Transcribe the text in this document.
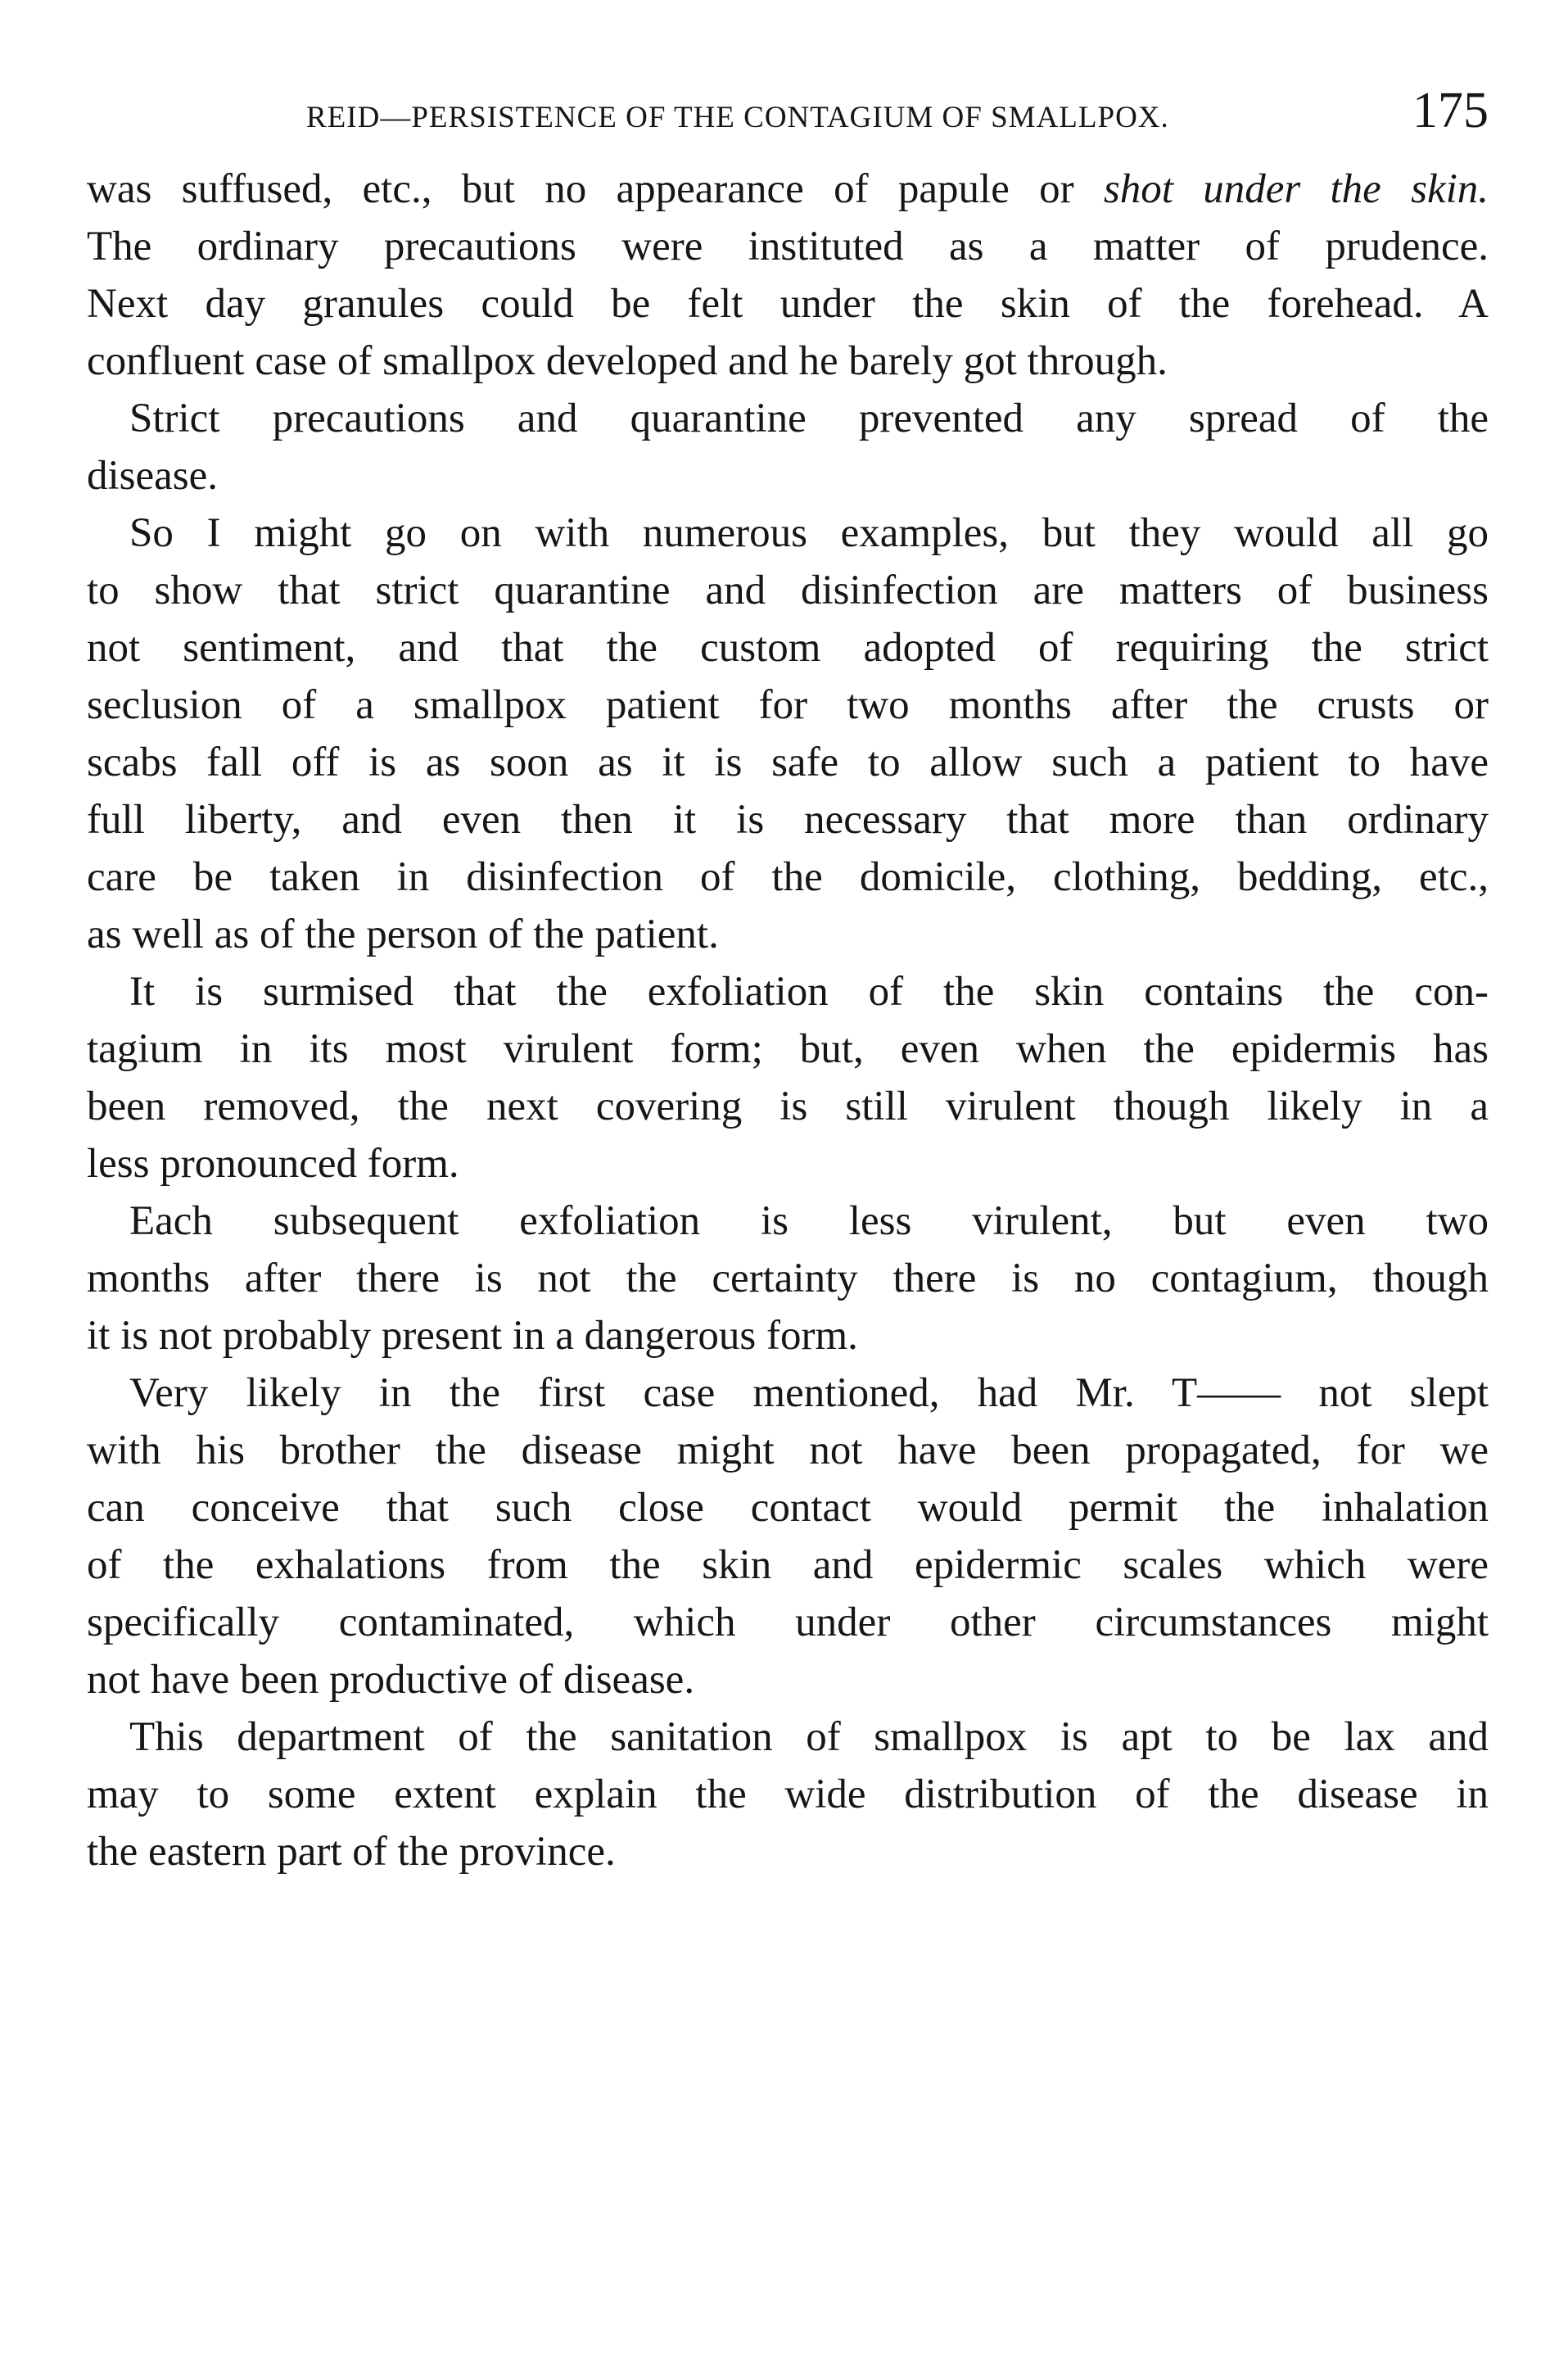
REID—PERSISTENCE OF THE CONTAGIUM OF SMALLPOX.	175
was suffused, etc., but no appearance of papule or shot under the skin.
The ordinary precautions were instituted as a matter of prudence.
Next day granules could be felt under the skin of the forehead. A
confluent case of smallpox developed and he barely got through.
Strict precautions and quarantine prevented any spread of the
disease.
So I might go on with numerous examples, but they would all go
to show that strict quarantine and disinfection are matters of business
not sentiment, and that the custom adopted of requiring the strict
seclusion of a smallpox patient for two months after the crusts or
scabs fall off is as soon as it is safe to allow such a patient to have
full liberty, and even then it is necessary that more than ordinary
care be taken in disinfection of the domicile, clothing, bedding, etc.,
as well as of the person of the patient.
It is surmised that the exfoliation of the skin contains the con-
tagium in its most virulent form; but, even when the epidermis has
been removed, the next covering is still virulent though likely in a
less pronounced form.
Each subsequent exfoliation is less virulent, but even two
months after there is not the certainty there is no contagium, though
it is not probably present in a dangerous form.
Very likely in the first case mentioned, had Mr. T—— not slept
with his brother the disease might not have been propagated, for we
can conceive that such close contact would permit the inhalation
of the exhalations from the skin and epidermic scales which were
specifically contaminated, which under other circumstances might
not have been productive of disease.
This department of the sanitation of smallpox is apt to be lax and
may to some extent explain the wide distribution of the disease in
the eastern part of the province.
